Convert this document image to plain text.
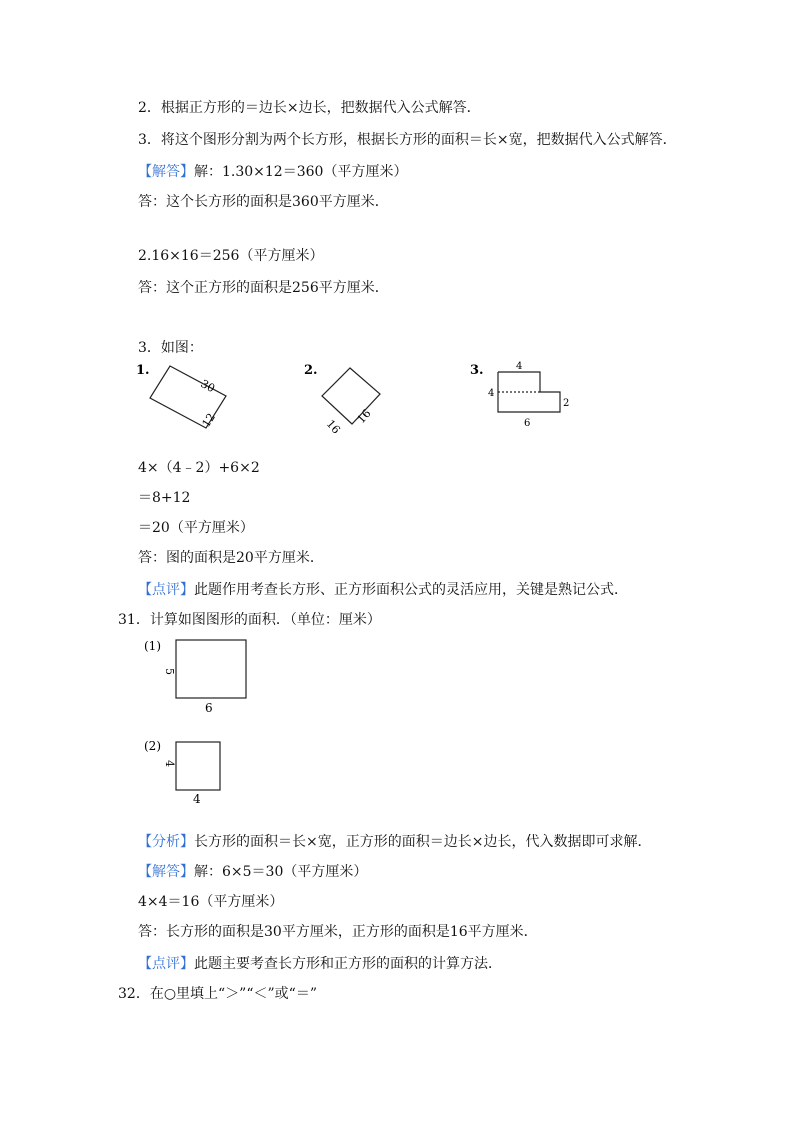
2．根据正方形的＝边长×边长，把数据代入公式解答．
3．将这个图形分割为两个长方形，根据长方形的面积＝长×宽，把数据代入公式解答．
【解答】解：1.30×12＝360（平方厘米）
答：这个长方形的面积是360平方厘米．
2.16×16＝256（平方厘米）
答：这个正方形的面积是256平方厘米．
3．如图：
1.
30
12
2.
16
16
3.	4
4
2
6
4×（4﹣2）+6×2
＝8+12
＝20（平方厘米）
答：图的面积是20平方厘米．
【点评】此题作用考查长方形、正方形面积公式的灵活应用，关键是熟记公式．
31．计算如图图形的面积．（单位：厘米）
(1)
5
6
(2)
4
4
【分析】长方形的面积＝长×宽，正方形的面积＝边长×边长，代入数据即可求解．
【解答】解：6×5＝30（平方厘米）
4×4＝16（平方厘米）
答：长方形的面积是30平方厘米，正方形的面积是16平方厘米．
【点评】此题主要考查长方形和正方形的面积的计算方法．
32．在○里填上“＞”“＜”或“＝”
